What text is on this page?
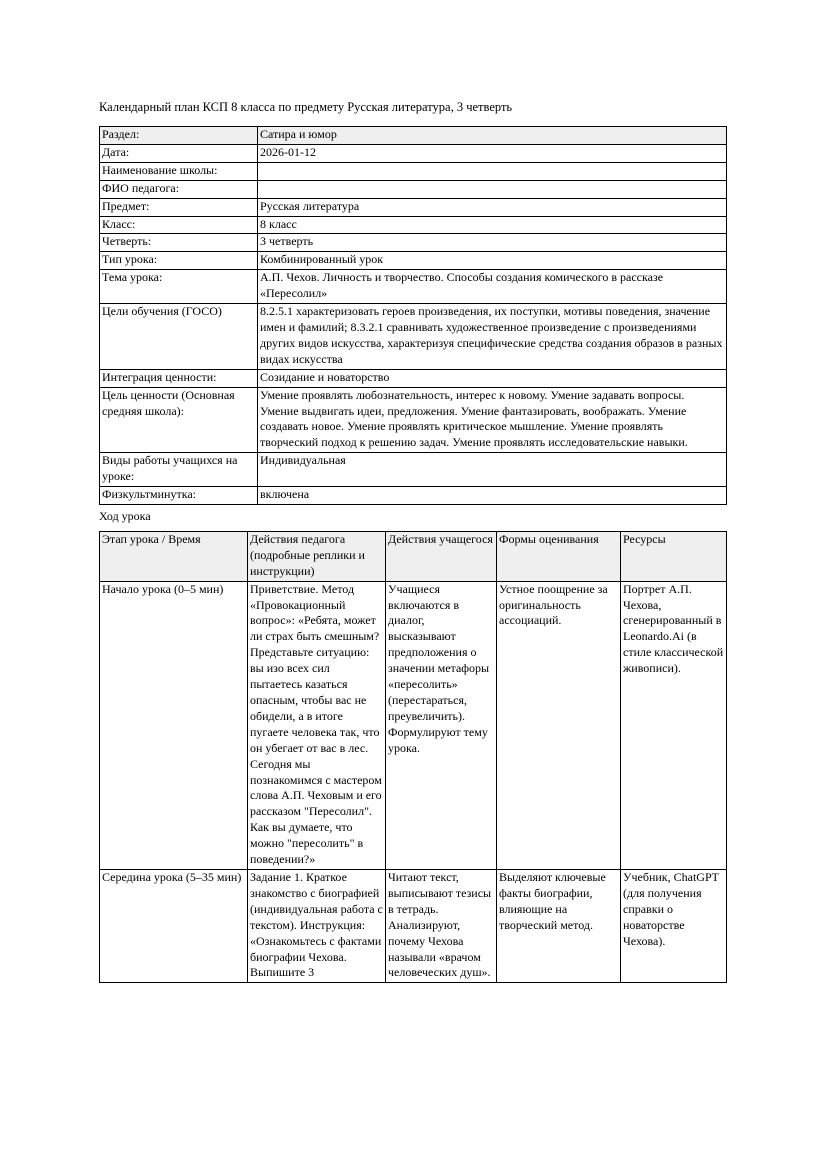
Календарный план КСП 8 класса по предмету Русская литература, 3 четверть

Раздел:	Сатира и юмор
Дата:	2026-01-12
Наименование школы:	
ФИО педагога:	
Предмет:	Русская литература
Класс:	8 класс
Четверть:	3 четверть
Тип урока:	Комбинированный урок
Тема урока:	А.П. Чехов. Личность и творчество. Способы создания комического в рассказе «Пересолил»
Цели обучения (ГОСО)	8.2.5.1 характеризовать героев произведения, их поступки, мотивы поведения, значение имен и фамилий; 8.3.2.1 сравнивать художественное произведение с произведениями других видов искусства, характеризуя специфические средства создания образов в разных видах искусства
Интеграция ценности:	Созидание и новаторство
Цель ценности (Основная средняя школа):	Умение проявлять любознательность, интерес к новому. Умение задавать вопросы. Умение выдвигать идеи, предложения. Умение фантазировать, воображать. Умение создавать новое. Умение проявлять критическое мышление. Умение проявлять творческий подход к решению задач. Умение проявлять исследовательские навыки.
Виды работы учащихся на уроке:	Индивидуальная
Физкультминутка:	включена

Ход урока

Этап урока / Время	Действия педагога (подробные реплики и инструкции)	Действия учащегося	Формы оценивания	Ресурсы
Начало урока (0–5 мин)	Приветствие. Метод «Провокационный вопрос»: «Ребята, может ли страх быть смешным? Представьте ситуацию: вы изо всех сил пытаетесь казаться опасным, чтобы вас не обидели, а в итоге пугаете человека так, что он убегает от вас в лес. Сегодня мы познакомимся с мастером слова А.П. Чеховым и его рассказом "Пересолил". Как вы думаете, что можно "пересолить" в поведении?»	Учащиеся включаются в диалог, высказывают предположения о значении метафоры «пересолить» (перестараться, преувеличить). Формулируют тему урока.	Устное поощрение за оригинальность ассоциаций.	Портрет А.П. Чехова, сгенерированный в Leonardo.Ai (в стиле классической живописи).
Середина урока (5–35 мин)	Задание 1. Краткое знакомство с биографией (индивидуальная работа с текстом). Инструкция: «Ознакомьтесь с фактами биографии Чехова. Выпишите 3	Читают текст, выписывают тезисы в тетрадь. Анализируют, почему Чехова называли «врачом человеческих душ».	Выделяют ключевые факты биографии, влияющие на творческий метод.	Учебник, ChatGPT (для получения справки о новаторстве Чехова).
